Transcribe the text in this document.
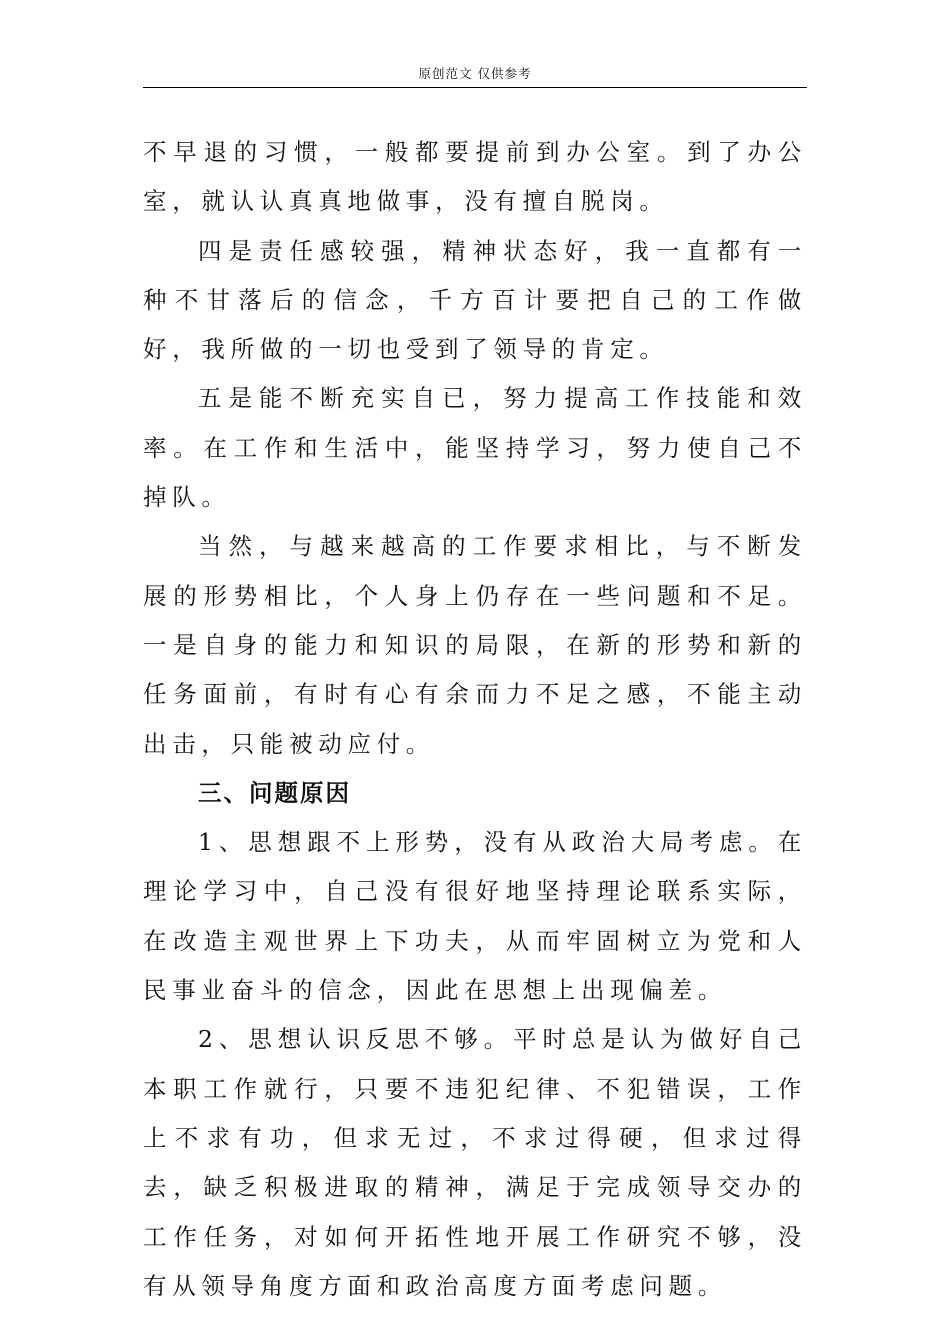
原创范文 仅供参考

不早退的习惯，一般都要提前到办公室。到了办公室，就认认真真地做事，没有擅自脱岗。

四是责任感较强，精神状态好，我一直都有一种不甘落后的信念，千方百计要把自己的工作做好，我所做的一切也受到了领导的肯定。

五是能不断充实自已，努力提高工作技能和效率。在工作和生活中，能坚持学习，努力使自己不掉队。

当然，与越来越高的工作要求相比，与不断发展的形势相比，个人身上仍存在一些问题和不足。一是自身的能力和知识的局限，在新的形势和新的任务面前，有时有心有余而力不足之感，不能主动出击，只能被动应付。

三、问题原因

1、思想跟不上形势，没有从政治大局考虑。在理论学习中，自己没有很好地坚持理论联系实际，在改造主观世界上下功夫，从而牢固树立为党和人民事业奋斗的信念，因此在思想上出现偏差。

2、思想认识反思不够。平时总是认为做好自己本职工作就行，只要不违犯纪律、不犯错误，工作上不求有功，但求无过，不求过得硬，但求过得去，缺乏积极进取的精神，满足于完成领导交办的工作任务，对如何开拓性地开展工作研究不够，没有从领导角度方面和政治高度方面考虑问题。
